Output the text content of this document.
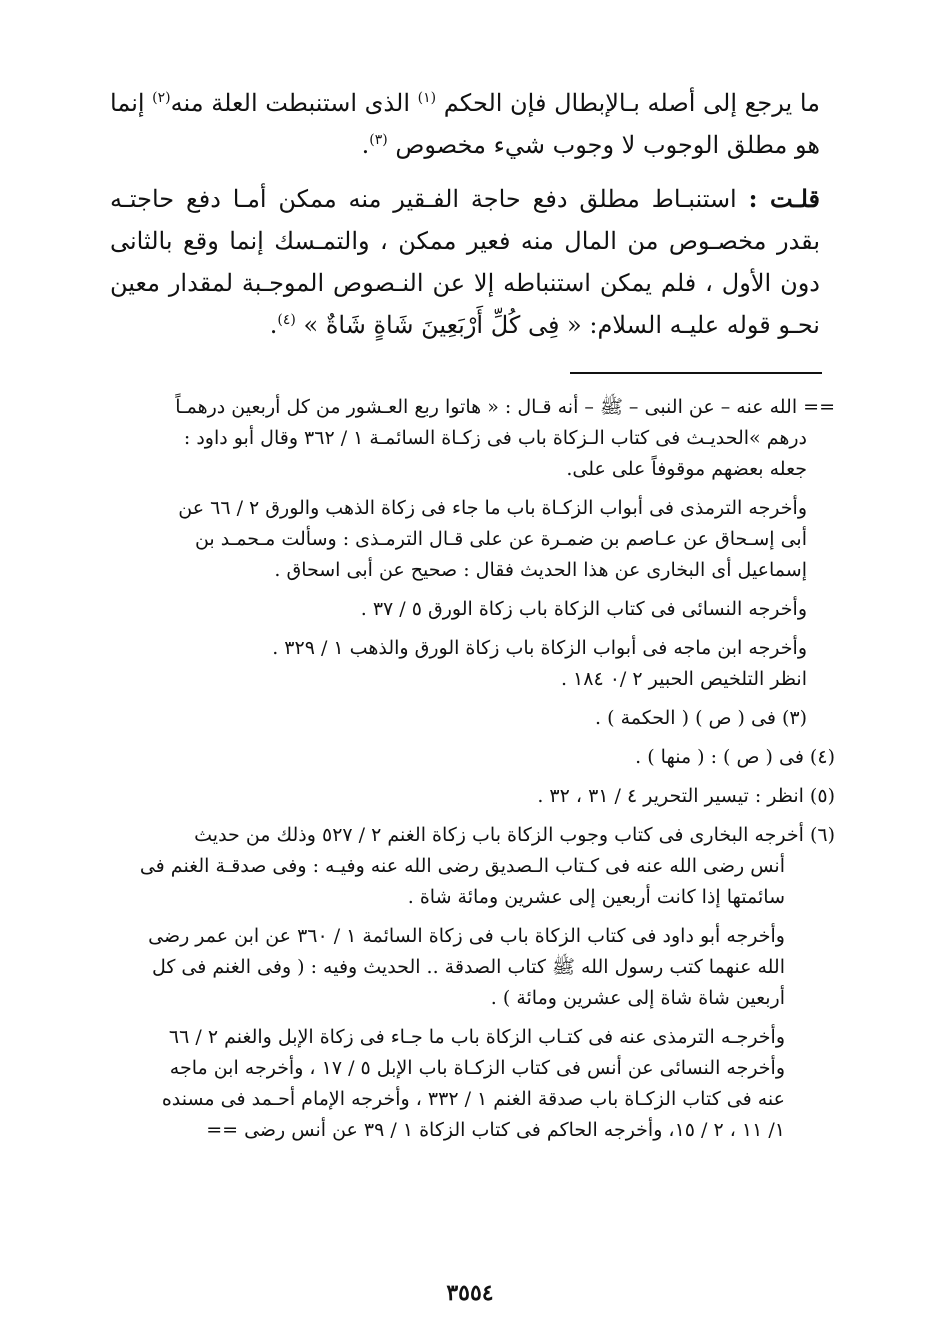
ما يرجع إلى أصله بـالإبطال فإن الحكم $^{(١)}$ الذى استنبطت العلة منه$^{(٢)}$ إنما هو مطلق الوجوب لا وجوب شيء مخصوص $^{(٣)}$.

قلـت : استنبـاط مطلق دفع حاجة الفـقير منه ممكن أمـا دفع حاجتـه بقدر مخصـوص من المال منه فعير ممكن ، والتمـسك إنما وقع بالثانى دون الأول ، فلم يمكن استنباطه إلا عن النـصوص الموجـبة لمقدار معين نحـو قوله عليـه السلام: « فِى كُلِّ أَرْبَعِينَ شَاةٍ شَاةٌ » $^{(٤)}$.

== الله عنه – عن النبى – ﷺ – أنه قـال : « هاتوا ربع العـشور من كل أربعين درهمـاً
درهم »الحديـث فى كتاب الـزكاة باب فى زكـاة السائمـة ١ / ٣٦٢ وقال أبو داود :
جعله بعضهم موقوفاً على على.
وأخرجه الترمذى فى أبواب الزكـاة باب ما جاء فى زكاة الذهب والورق ٢ / ٦٦ عن
أبى إسـحاق عن عـاصم بن ضمـرة عن على قـال الترمـذى : وسألت مـحمـد بن
إسماعيل أى البخارى عن هذا الحديث فقال : صحيح عن أبى اسحاق .
وأخرجه النسائى فى كتاب الزكاة باب زكاة الورق ٥ / ٣٧ .
وأخرجه ابن ماجه فى أبواب الزكاة باب زكاة الورق والذهب ١ / ٣٢٩ .
انظر التلخيص الحبير ٢ /٠ ١٨٤ .
(٣) فى ( ص ) ( الحكمة ) .
(٤) فى ( ص ) : ( منها ) .
(٥) انظر : تيسير التحرير ٤ / ٣١ ، ٣٢ .
(٦) أخرجه البخارى فى كتاب وجوب الزكاة باب زكاة الغنم ٢ / ٥٢٧ وذلك من حديث
أنس رضى الله عنه فى كـتاب الـصديق رضى الله عنه وفيـه : وفى صدقـة الغنم فى
سائمتها إذا كانت أربعين إلى عشرين ومائة شاة .
وأخرجه أبو داود فى كتاب الزكاة باب فى زكاة السائمة ١ / ٣٦٠ عن ابن عمر رضى
الله عنهما كتب رسول الله ﷺ كتاب الصدقة .. الحديث وفيه : ( وفى الغنم فى كل
أربعين شاة شاة إلى عشرين ومائة ) .
وأخرجـه الترمذى عنه فى كتـاب الزكاة باب ما جـاء فى زكاة الإبل والغنم ٢ / ٦٦
وأخرجه النسائى عن أنس فى كتاب الزكـاة باب الإبل ٥ / ١٧ ، وأخرجه ابن ماجه
عنه فى كتاب الزكـاة باب صدقة الغنم ١ / ٣٣٢ ، وأخرجه الإمام أحـمد فى مسنده
١/ ١١ ، ٢ / ١٥، وأخرجه الحاكم فى كتاب الزكاة ١ / ٣٩ عن أنس رضى ==
٣٥٥٤
